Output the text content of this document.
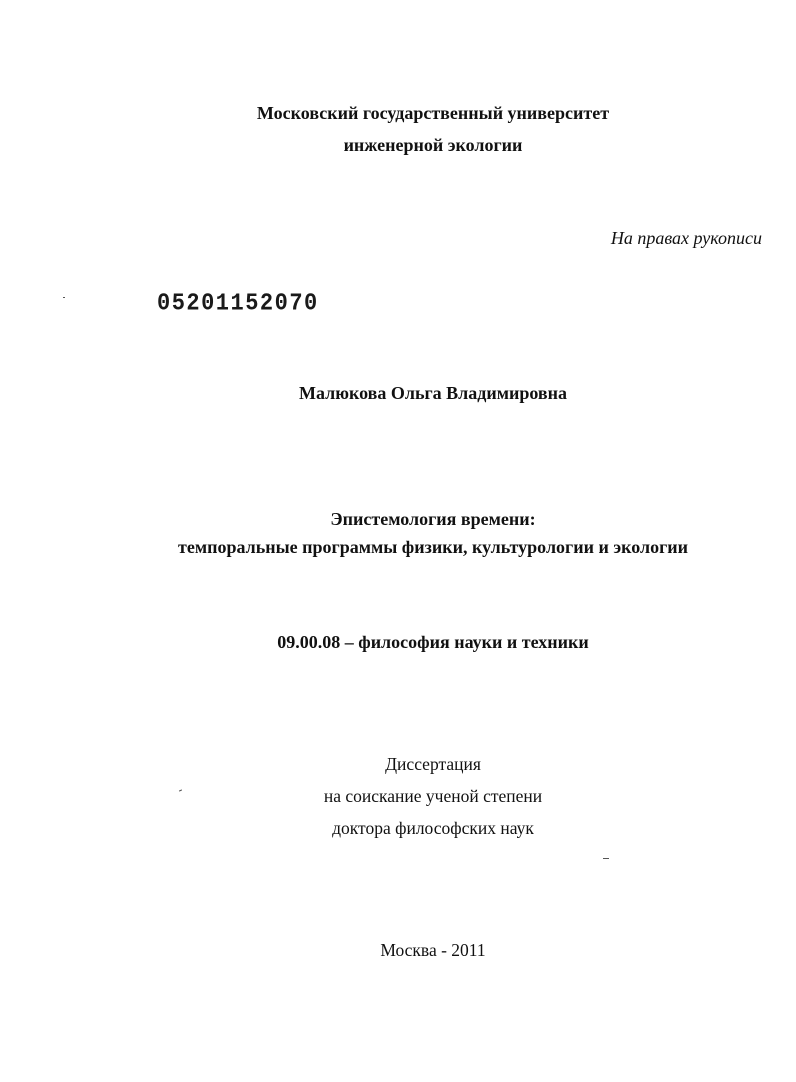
Московский государственный университет
инженерной экологии
На правах рукописи
05201152070
Малюкова Ольга Владимировна
Эпистемология времени:
темпоральные программы физики, культурологии и экологии
09.00.08 – философия науки и техники
Диссертация
на соискание ученой степени
доктора философских наук
Москва - 2011
